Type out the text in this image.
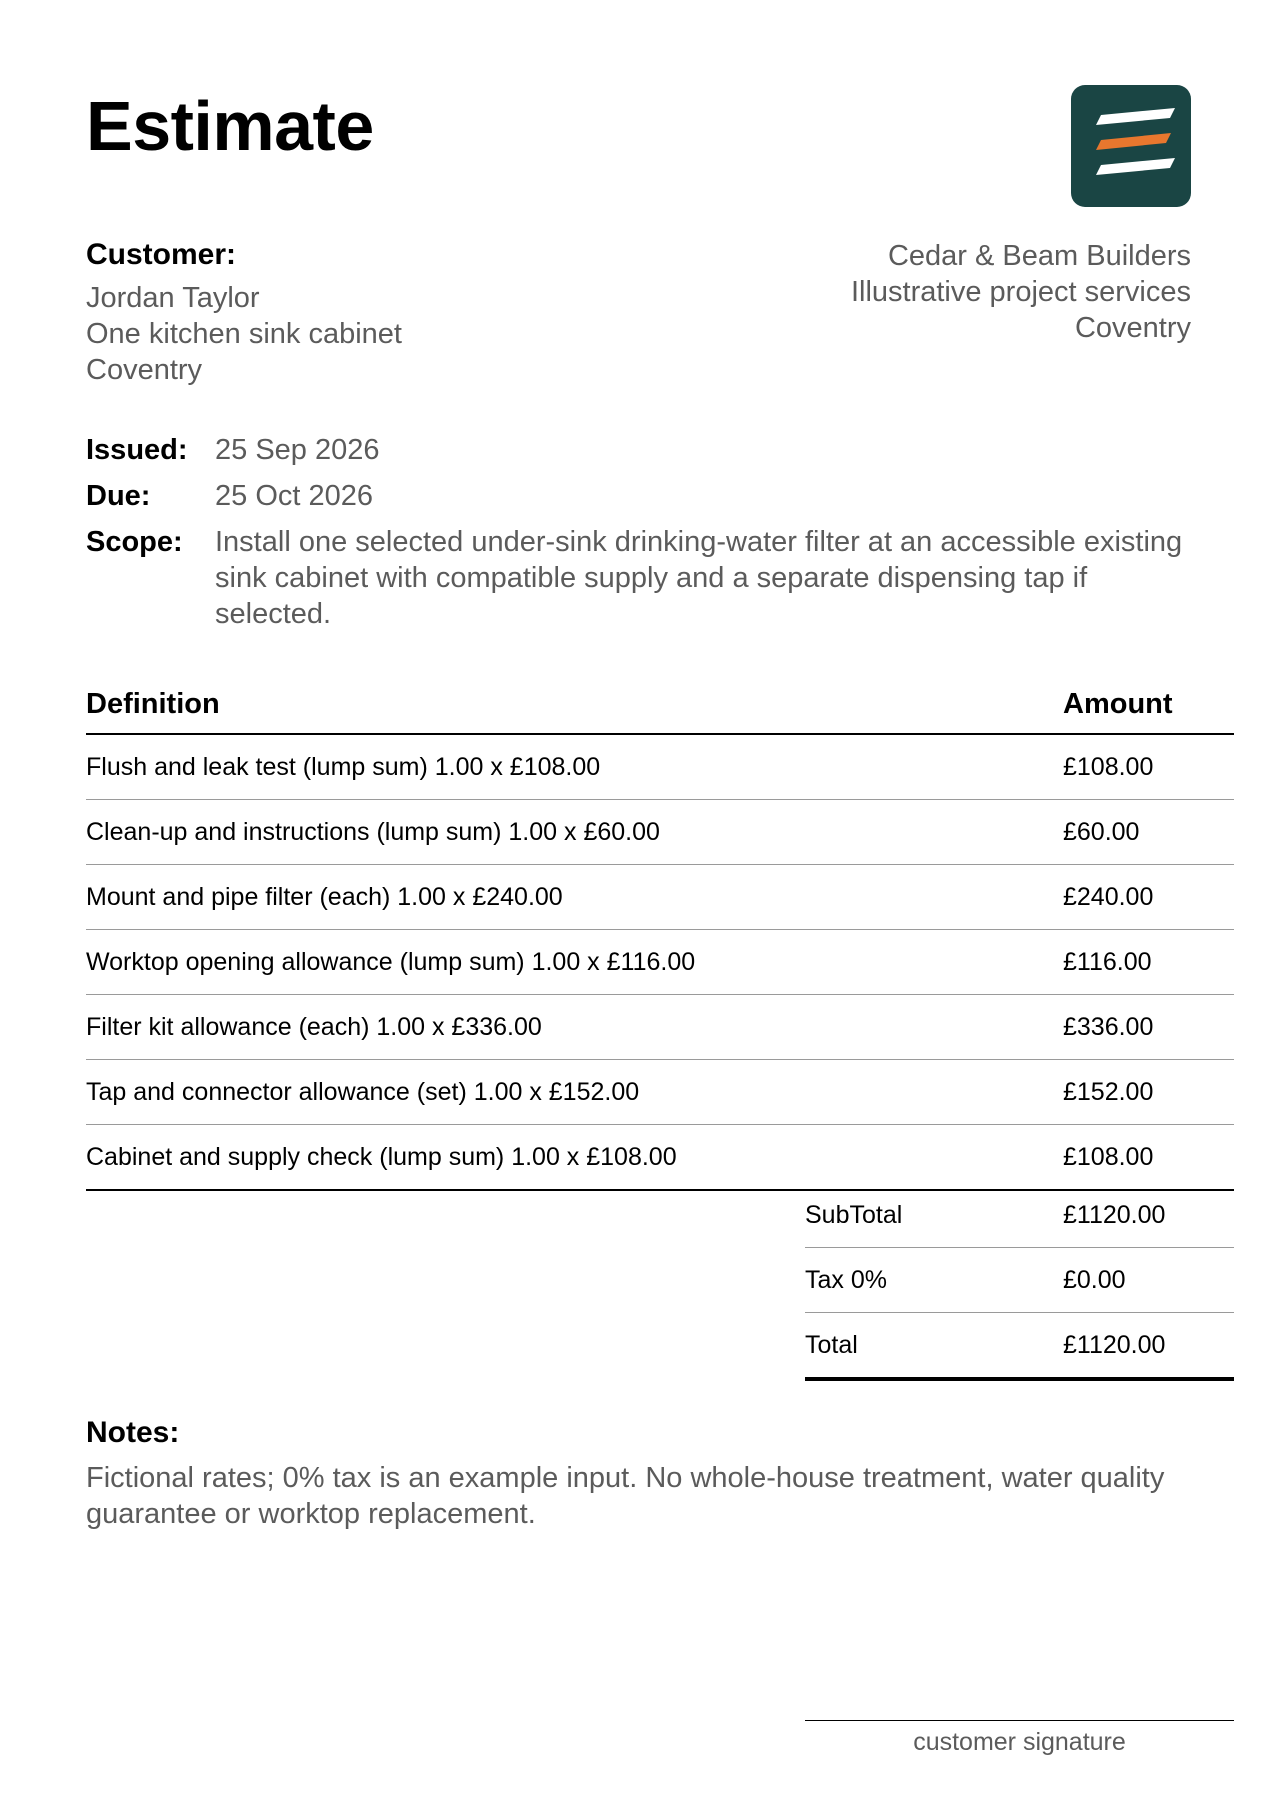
Estimate
Customer:
Jordan Taylor
One kitchen sink cabinet
Coventry
Cedar & Beam Builders
Illustrative project services
Coventry
Issued: 25 Sep 2026
Due:	25 Oct 2026
Scope:	Install one selected under-sink drinking-water filter at an accessible existing sink cabinet with compatible supply and a separate dispensing tap if selected.
Definition	Amount
Flush and leak test (lump sum) 1.00 x £108.00	£108.00
Clean-up and instructions (lump sum) 1.00 x £60.00	£60.00
Mount and pipe filter (each) 1.00 x £240.00	£240.00
Worktop opening allowance (lump sum) 1.00 x £116.00	£116.00
Filter kit allowance (each) 1.00 x £336.00	£336.00
Tap and connector allowance (set) 1.00 x £152.00	£152.00
Cabinet and supply check (lump sum) 1.00 x £108.00	£108.00
SubTotal	£1120.00
Tax 0%	£0.00
Total	£1120.00
Notes:
Fictional rates; 0% tax is an example input. No whole-house treatment, water quality guarantee or worktop replacement.
customer signature
